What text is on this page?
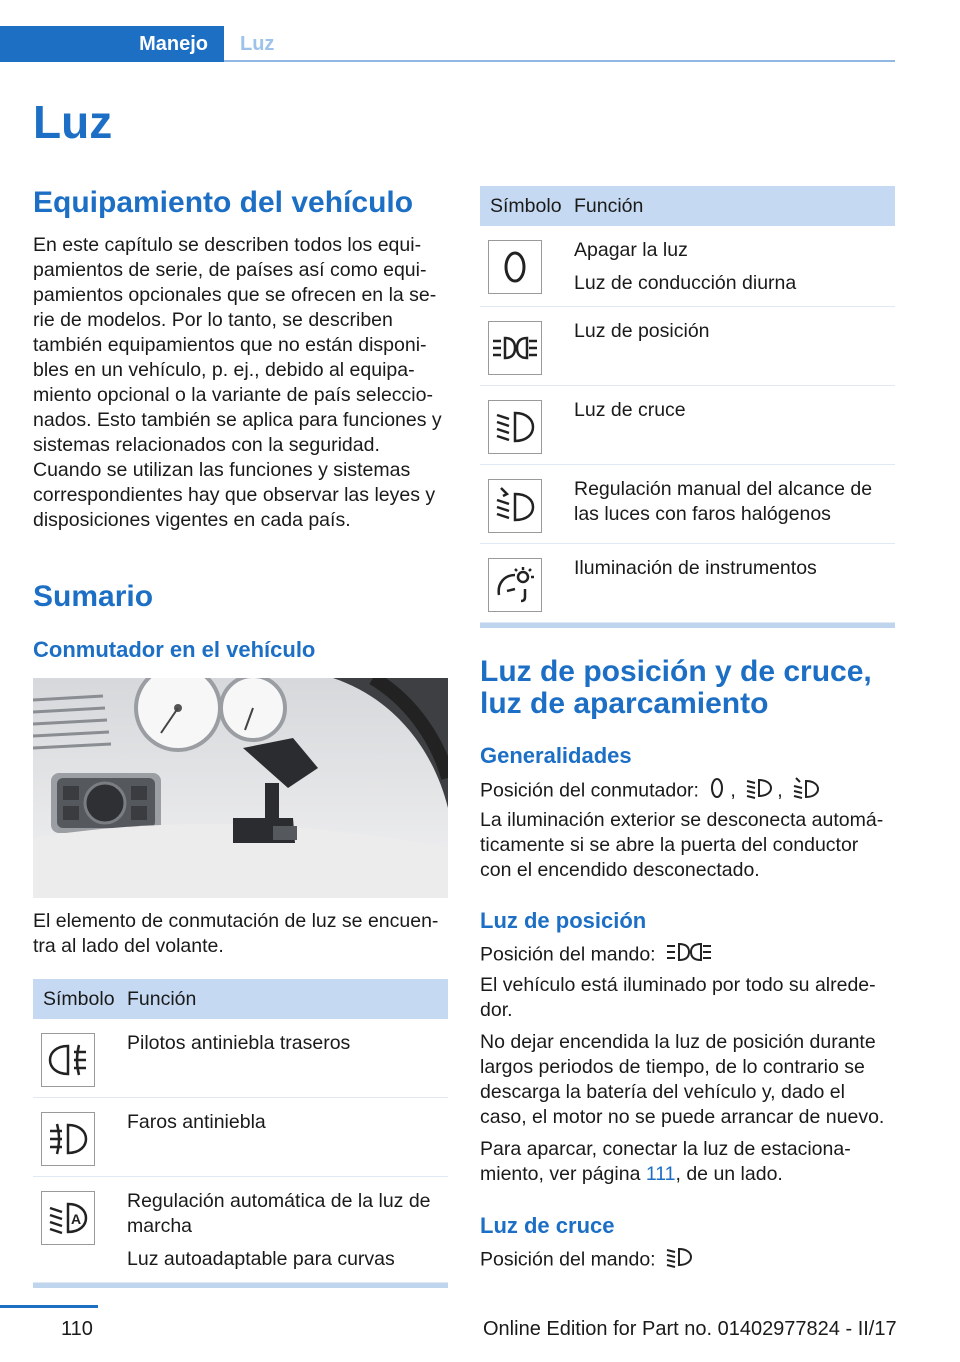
Manejo Luz
Luz
Equipamiento del vehículo

En este capítulo se describen todos los equipamientos de serie, de países así como equipamientos opcionales que se ofrecen en la serie de modelos. Por lo tanto, se describen también equipamientos que no están disponibles en un vehículo, p. ej., debido al equipamiento opcional o la variante de país seleccionados. Esto también se aplica para funciones y sistemas relacionados con la seguridad. Cuando se utilizan las funciones y sistemas correspondientes hay que observar las leyes y disposiciones vigentes en cada país.

Sumario
Conmutador en el vehículo

El elemento de conmutación de luz se encuentra al lado del volante.

Símbolo	Función

Pilotos antiniebla traseros

Faros antiniebla

A	Regulación automática de la luz de marcha
Luz autoadaptable para curvas
Símbolo	Función

Apagar la luz
Luz de conducción diurna

Luz de posición

Luz de cruce

Regulación manual del alcance de las luces con faros halógenos

Iluminación de instrumentos
Luz de posición y de cruce, luz de aparcamiento
Generalidades

Posición del conmutador: , ,

La iluminación exterior se desconecta automáticamente si se abre la puerta del conductor con el encendido desconectado.

Luz de posición

Posición del mando:

El vehículo está iluminado por todo su alrededor.

No dejar encendida la luz de posición durante largos periodos de tiempo, de lo contrario se descarga la batería del vehículo y, dado el caso, el motor no se puede arrancar de nuevo.

Para aparcar, conectar la luz de estacionamiento, ver página 111, de un lado.

Luz de cruce

Posición del mando:

110	Online Edition for Part no. 01402977824 - II/17
